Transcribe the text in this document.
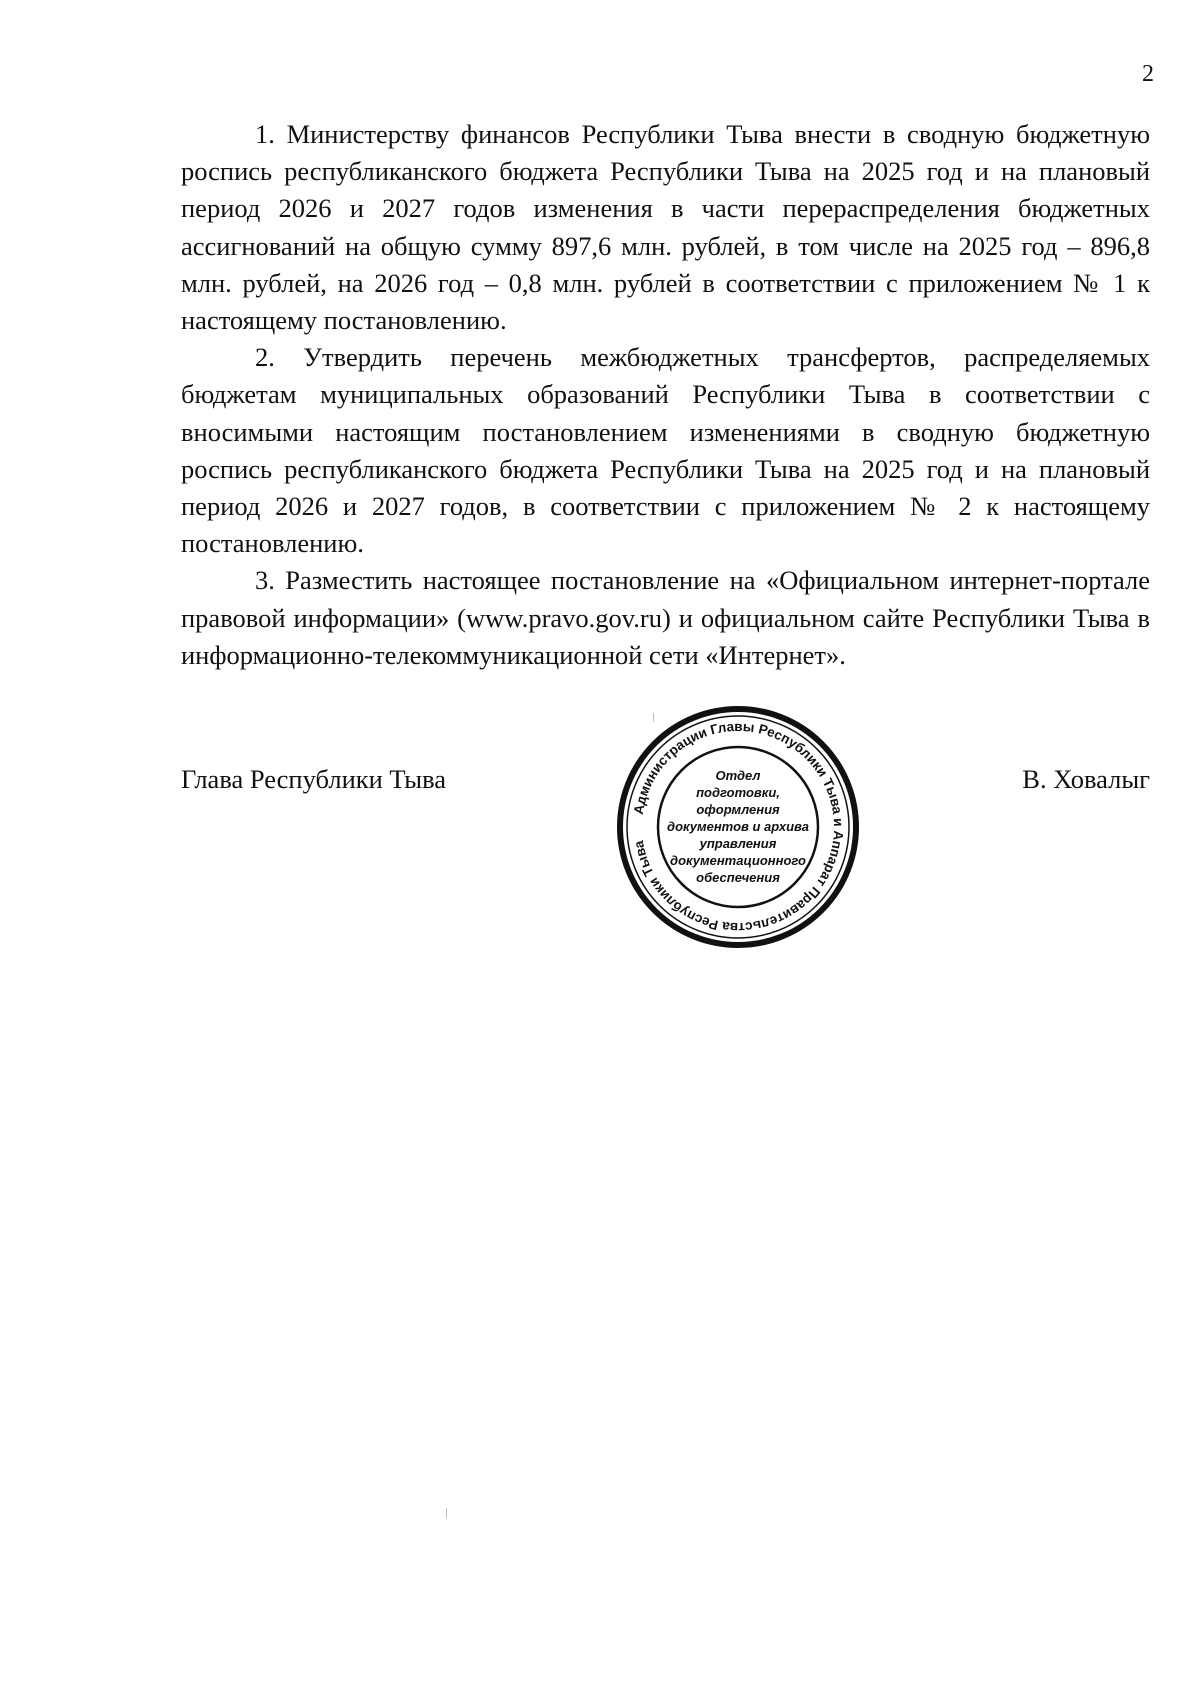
2

1. Министерству финансов Республики Тыва внести в сводную бюджетную роспись республиканского бюджета Республики Тыва на 2025 год и на плановый период 2026 и 2027 годов изменения в части перераспределения бюджетных ассигнований на общую сумму 897,6 млн. рублей, в том числе на 2025 год – 896,8 млн. рублей, на 2026 год – 0,8 млн. рублей в соответствии с приложением № 1 к настоящему постановлению.

2. Утвердить перечень межбюджетных трансфертов, распределяемых бюджетам муниципальных образований Республики Тыва в соответствии с вносимыми настоящим постановлением изменениями в сводную бюджетную роспись республиканского бюджета Республики Тыва на 2025 год и на плановый период 2026 и 2027 годов, в соответствии с приложением № 2 к настоящему постановлению.

3. Разместить настоящее постановление на «Официальном интернет-портале правовой информации» (www.pravo.gov.ru) и официальном сайте Республики Тыва в информационно-телекоммуникационной сети «Интернет».

Глава Республики Тыва
Администрации Главы Республики Тыва и Аппарат Правительства Республики Тыва
Отдел
подготовки,
оформления
документов и архива
управления
документационного
обеспечения
В. Ховалыг
